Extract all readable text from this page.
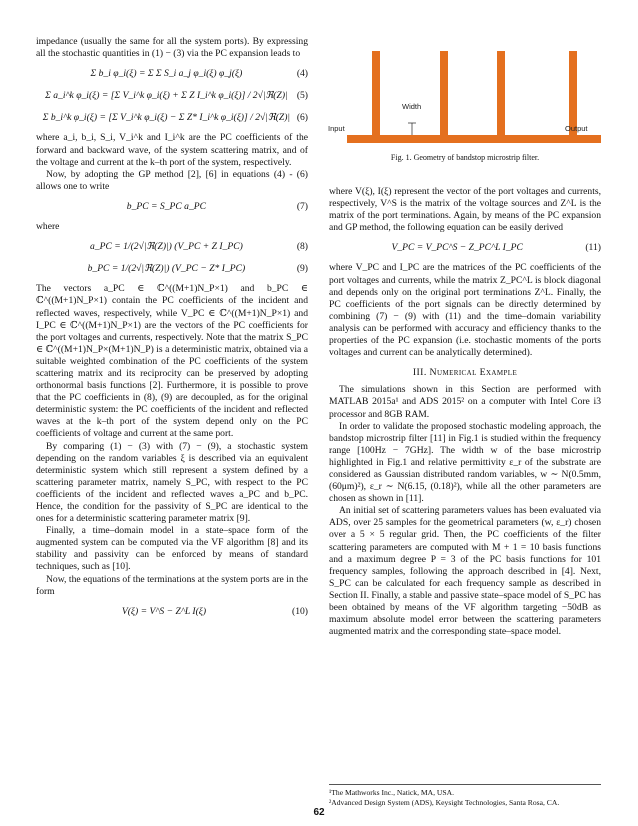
impedance (usually the same for all the system ports). By expressing all the stochastic quantities in (1) − (3) via the PC expansion leads to

Σ b_i φ_i(ξ) = Σ Σ S_i a_j φ_i(ξ) φ_j(ξ)	(4)
Σ a_i^k φ_i(ξ) = [Σ V_i^k φ_i(ξ) + Σ Z I_i^k φ_i(ξ)] / 2√|ℜ(Z)| (5)
Σ b_i^k φ_i(ξ) = [Σ V_i^k φ_i(ξ) − Σ Z* I_i^k φ_i(ξ)] / 2√|ℜ(Z)| (6)

where a_i, b_i, S_i, V_i^k and I_i^k are the PC coefficients of the forward and backward wave, of the system scattering matrix, and of the voltage and current at the k–th port of the system, respectively.

Now, by adopting the GP method [2], [6] in equations (4) - (6) allows one to write

b_PC = S_PC a_PC	(7)

where

a_PC = 1/(2√|ℜ(Z)|) (V_PC + Z I_PC)	(8)
b_PC = 1/(2√|ℜ(Z)|) (V_PC − Z* I_PC)	(9)

The vectors a_PC ∈ ℂ^((M+1)N_P×1) and b_PC ∈ ℂ^((M+1)N_P×1) contain the PC coefficients of the incident and reflected waves, respectively, while V_PC ∈ ℂ^((M+1)N_P×1) and I_PC ∈ ℂ^((M+1)N_P×1) are the vectors of the PC coefficients for the port voltages and currents, respectively. Note that the matrix S_PC ∈ ℂ^((M+1)N_P×(M+1)N_P) is a deterministic matrix, obtained via a suitable weighted combination of the PC coefficients of the system scattering matrix and its reciprocity can be preserved by adopting orthonormal basis functions [2]. Furthermore, it is possible to prove that the PC coefficients in (8), (9) are decoupled, as for the original deterministic system: the PC coefficients of the incident and reflected waves at the k–th port of the system depend only on the PC coefficients of voltage and current at the same port.

By comparing (1) − (3) with (7) − (9), a stochastic system depending on the random variables ξ is described via an equivalent deterministic system which still represent a system defined by a scattering parameter matrix, namely S_PC, with respect to the PC coefficients of the incident and reflected waves a_PC and b_PC. Hence, the condition for the passivity of S_PC are identical to the ones for a deterministic scattering parameter matrix [9].

Finally, a time–domain model in a state–space form of the augmented system can be computed via the VF algorithm [8] and its stability and passivity can be enforced by means of standard techniques, such as [10].

Now, the equations of the terminations at the system ports are in the form

V(ξ) = V^S − Z^L I(ξ)	(10)
Width
Input	Output
Fig. 1. Geometry of bandstop microstrip filter.

where V(ξ), I(ξ) represent the vector of the port voltages and currents, respectively, V^S is the matrix of the voltage sources and Z^L is the matrix of the port terminations. Again, by means of the PC expansion and GP method, the following equation can be easily derived

V_PC = V_PC^S − Z_PC^L I_PC	(11)

where V_PC and I_PC are the matrices of the PC coefficients of the port voltages and currents, while the matrix Z_PC^L is block diagonal and depends only on the original port terminations Z^L. Finally, the PC coefficients of the port signals can be directly determined by combining (7) − (9) with (11) and the time–domain variability analysis can be performed with accuracy and efficiency thanks to the properties of the PC expansion (i.e. stochastic moments of the ports voltages and current can be analytically determined).

III. Numerical Example

The simulations shown in this Section are performed with MATLAB 2015a¹ and ADS 2015² on a computer with Intel Core i3 processor and 8GB RAM.

In order to validate the proposed stochastic modeling approach, the bandstop microstrip filter [11] in Fig.1 is studied within the frequency range [100Hz − 7GHz]. The width w of the base microstrip highlighted in Fig.1 and relative permittivity ε_r of the substrate are considered as Gaussian distributed random variables, w ∼ N(0.5mm, (60μm)²), ε_r ∼ N(6.15, (0.18)²), while all the other parameters are chosen as shown in [11].

An initial set of scattering parameters values has been evaluated via ADS, over 25 samples for the geometrical parameters (w, ε_r) chosen over a 5 × 5 regular grid. Then, the PC coefficients of the filter scattering parameters are computed with M + 1 = 10 basis functions and a maximum degree P = 3 of the PC basis functions for 101 frequency samples, following the approach described in [4]. Next, S_PC can be calculated for each frequency sample as described in Section II. Finally, a stable and passive state–space model of S_PC has been obtained by means of the VF algorithm targeting −50dB as maximum absolute model error between the scattering parameters augmented matrix and the corresponding state–space model.

¹The Mathworks Inc., Natick, MA, USA.
²Advanced Design System (ADS), Keysight Technologies, Santa Rosa, CA.
62
